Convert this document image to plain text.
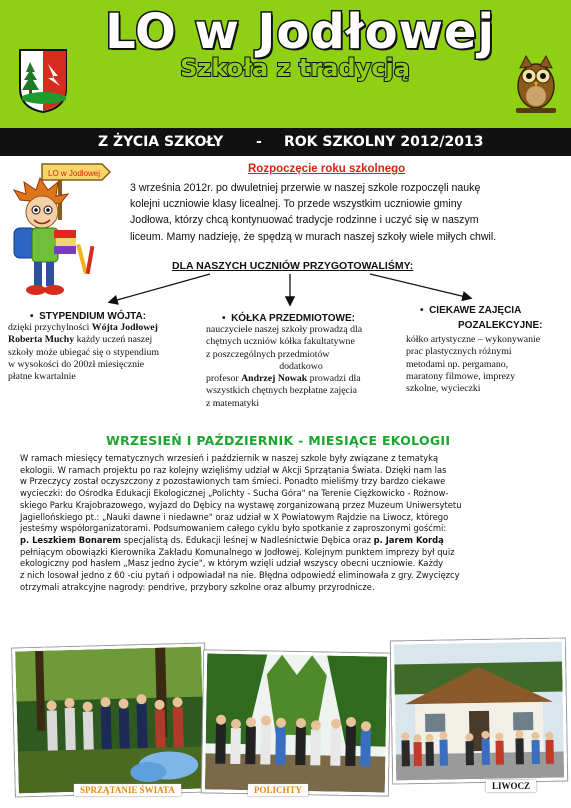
LO w Jodłowej
Szkoła z tradycją
Z ŻYCIA SZKOŁY - ROK SZKOLNY 2012/2013
LO w Jodłowej	Rozpoczęcie roku szkolnego
3 września 2012r. po dwuletniej przerwie w naszej szkole rozpoczęli naukę
kolejni uczniowie klasy licealnej. To przede wszystkim uczniowie gminy
Jodłowa, którzy chcą kontynuować tradycje rodzinne i uczyć się w naszym
liceum. Mamy nadzieję, że spędzą w murach naszej szkoły wiele miłych chwil.
DLA NASZYCH UCZNIÓW PRZYGOTOWALIŚMY:
•  STYPENDIUM WÓJTA:
dzięki przychylności Wójta Jodłowej
Roberta Muchy każdy uczeń naszej
szkoły może ubiegać się o stypendium
w wysokości do 200zł miesięcznie
płatne kwartalnie
•  KÓŁKA PRZEDMIOTOWE:
nauczyciele naszej szkoły prowadzą dla
chętnych uczniów kółka fakultatywne
z poszczególnych przedmiotów
dodatkowo
profesor Andrzej Nowak prowadzi dla
wszystkich chętnych bezpłatne zajęcia
z matematyki
•  CIEKAWE ZAJĘCIA
POZALEKCYJNE:
kółko artystyczne – wykonywanie
prac plastycznych różnymi
metodami np. pergamano,
maratony filmowe, imprezy
szkolne, wycieczki
WRZESIEŃ I PAŹDZIERNIK - MIESIĄCE EKOLOGII
W ramach miesięcy tematycznych wrzesień i październik w naszej szkole były związane z tematyką
ekologii. W ramach projektu po raz kolejny wzięliśmy udział w Akcji Sprzątania Świata. Dzięki nam las
w Przeczycy został oczyszczony z pozostawionych tam śmieci. Ponadto mieliśmy trzy bardzo ciekawe
wycieczki: do Ośrodka Edukacji Ekologicznej „Polichty - Sucha Góra" na Terenie Ciężkowicko - Rożnow-
skiego Parku Krajobrazowego, wyjazd do Dębicy na wystawę zorganizowaną przez Muzeum Uniwersytetu
Jagiellońskiego pt.: „Nauki dawne i niedawne" oraz udział w X Powiatowym Rajdzie na Liwocz, którego
jesteśmy współorganizatorami. Podsumowaniem całego cyklu było spotkanie z zaproszonymi gośćmi:
p. Leszkiem Bonarem specjalistą ds. Edukacji leśnej w Nadleśnictwie Dębica oraz p. Jarem Kordą
pełniącym obowiązki Kierownika Zakładu Komunalnego w Jodłowej. Kolejnym punktem imprezy był quiz
ekologiczny pod hasłem „Masz jedno życie", w którym wzięli udział wszyscy obecni uczniowie. Każdy
z nich losował jedno z 60 -ciu pytań i odpowiadał na nie. Błędna odpowiedź eliminowała z gry. Zwycięzcy
otrzymali atrakcyjne nagrody: pendrive, przybory szkolne oraz albumy przyrodnicze.
SPRZĄTANIE ŚWIATA	POLICHTY	LIWOCZ
